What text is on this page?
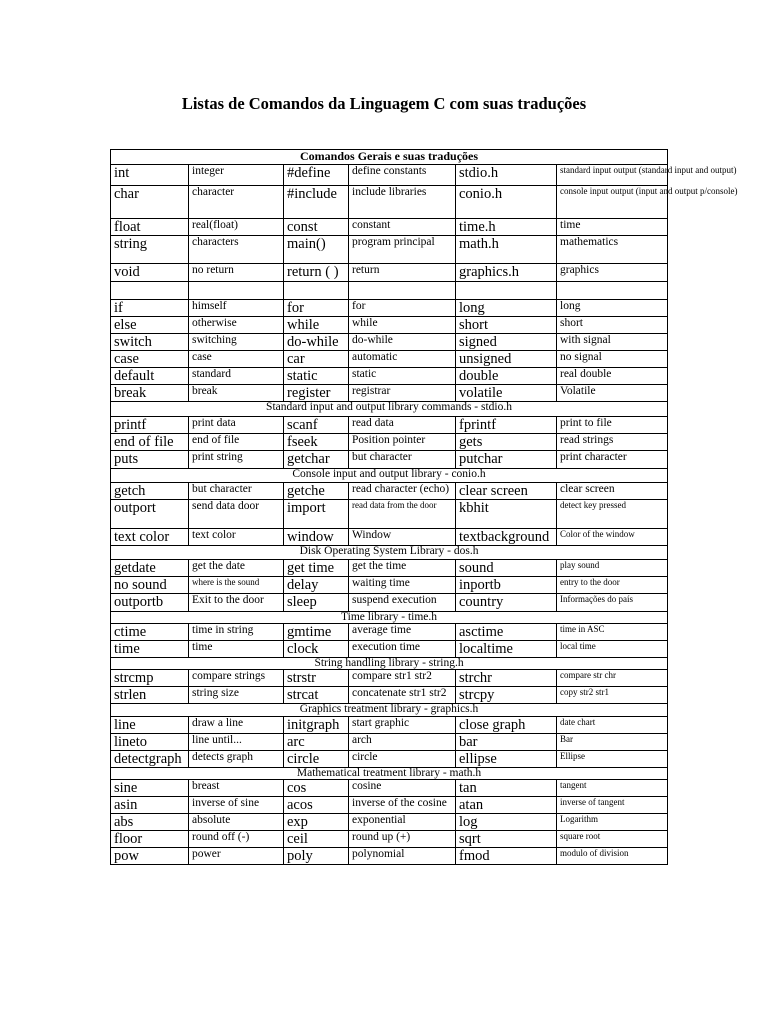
Listas de Comandos da Linguagem C com suas traduções
Comandos Gerais e suas traduções					
int	integer	#define	define constants	stdio.h	standard input output (standard input and output)
char	character	#include	include libraries	conio.h	console input output (input and output p/console)
float	real(float)	const	constant	time.h	time
string	characters	main()	program principal	math.h	mathematics
void	no return	return ( )	return	graphics.h	graphics

if	himself	for	for	long	long
else	otherwise	while	while	short	short
switch	switching	do-while	do-while	signed	with signal
case	case	car	automatic	unsigned	no signal
default	standard	static	static	double	real double
break	break	register	registrar	volatile	Volatile
Standard input and output library commands - stdio.h					
printf	print data	scanf	read data	fprintf	print to file
end of file	end of file	fseek	Position pointer	gets	read strings
puts	print string	getchar	but character	putchar	print character
Console input and output library - conio.h					
getch	but character	getche	read character (echo)	clear screen	clear screen
outport	send data door	import	read data from the door	kbhit	detect key pressed
text color	text color	window	Window	textbackground	Color of the window
Disk Operating System Library - dos.h					
getdate	get the date	get time	get the time	sound	play sound
no sound	where is the sound	delay	waiting time	inportb	entry to the door
outportb	Exit to the door	sleep	suspend execution	country	Informações do país
Time library - time.h					
ctime	time in string	gmtime	average time	asctime	time in ASC
time	time	clock	execution time	localtime	local time
String handling library - string.h					
strcmp	compare strings	strstr	compare str1 str2	strchr	compare str chr
strlen	string size	strcat	concatenate str1 str2	strcpy	copy str2 str1
Graphics treatment library - graphics.h					
line	draw a line	initgraph	start graphic	close graph	date chart
lineto	line until...	arc	arch	bar	Bar
detectgraph	detects graph	circle	circle	ellipse	Ellipse
Mathematical treatment library - math.h					
sine	breast	cos	cosine	tan	tangent
asin	inverse of sine	acos	inverse of the cosine	atan	inverse of tangent
abs	absolute	exp	exponential	log	Logarithm
floor	round off (-)	ceil	round up (+)	sqrt	square root
pow	power	poly	polynomial	fmod	modulo of division
